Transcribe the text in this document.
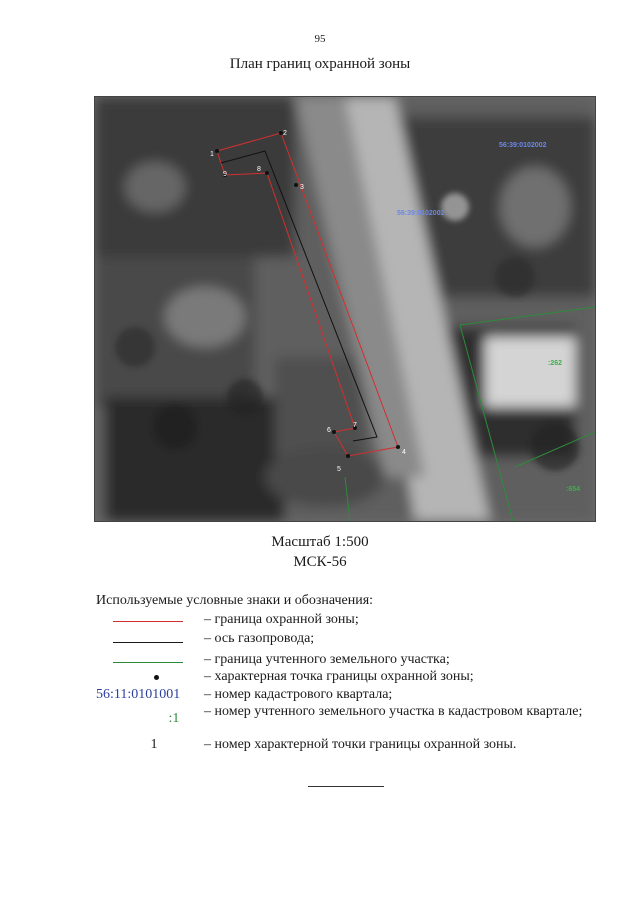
95
План границ охранной зоны
1
2
3
4
5
6
7
8
9
56:39:0102002
56:39:0102002
:262
:654
Масштаб 1:500
МСК-56
Используемые условные знаки и обозначения:
– граница охранной зоны;
– ось газопровода;
– граница учтенного земельного участка;
– характерная точка границы охранной зоны;
56:11:0101001	– номер кадастрового квартала;
:1	– номер учтенного земельного участка в кадастровом квартале;
1	– номер характерной точки границы охранной зоны.
